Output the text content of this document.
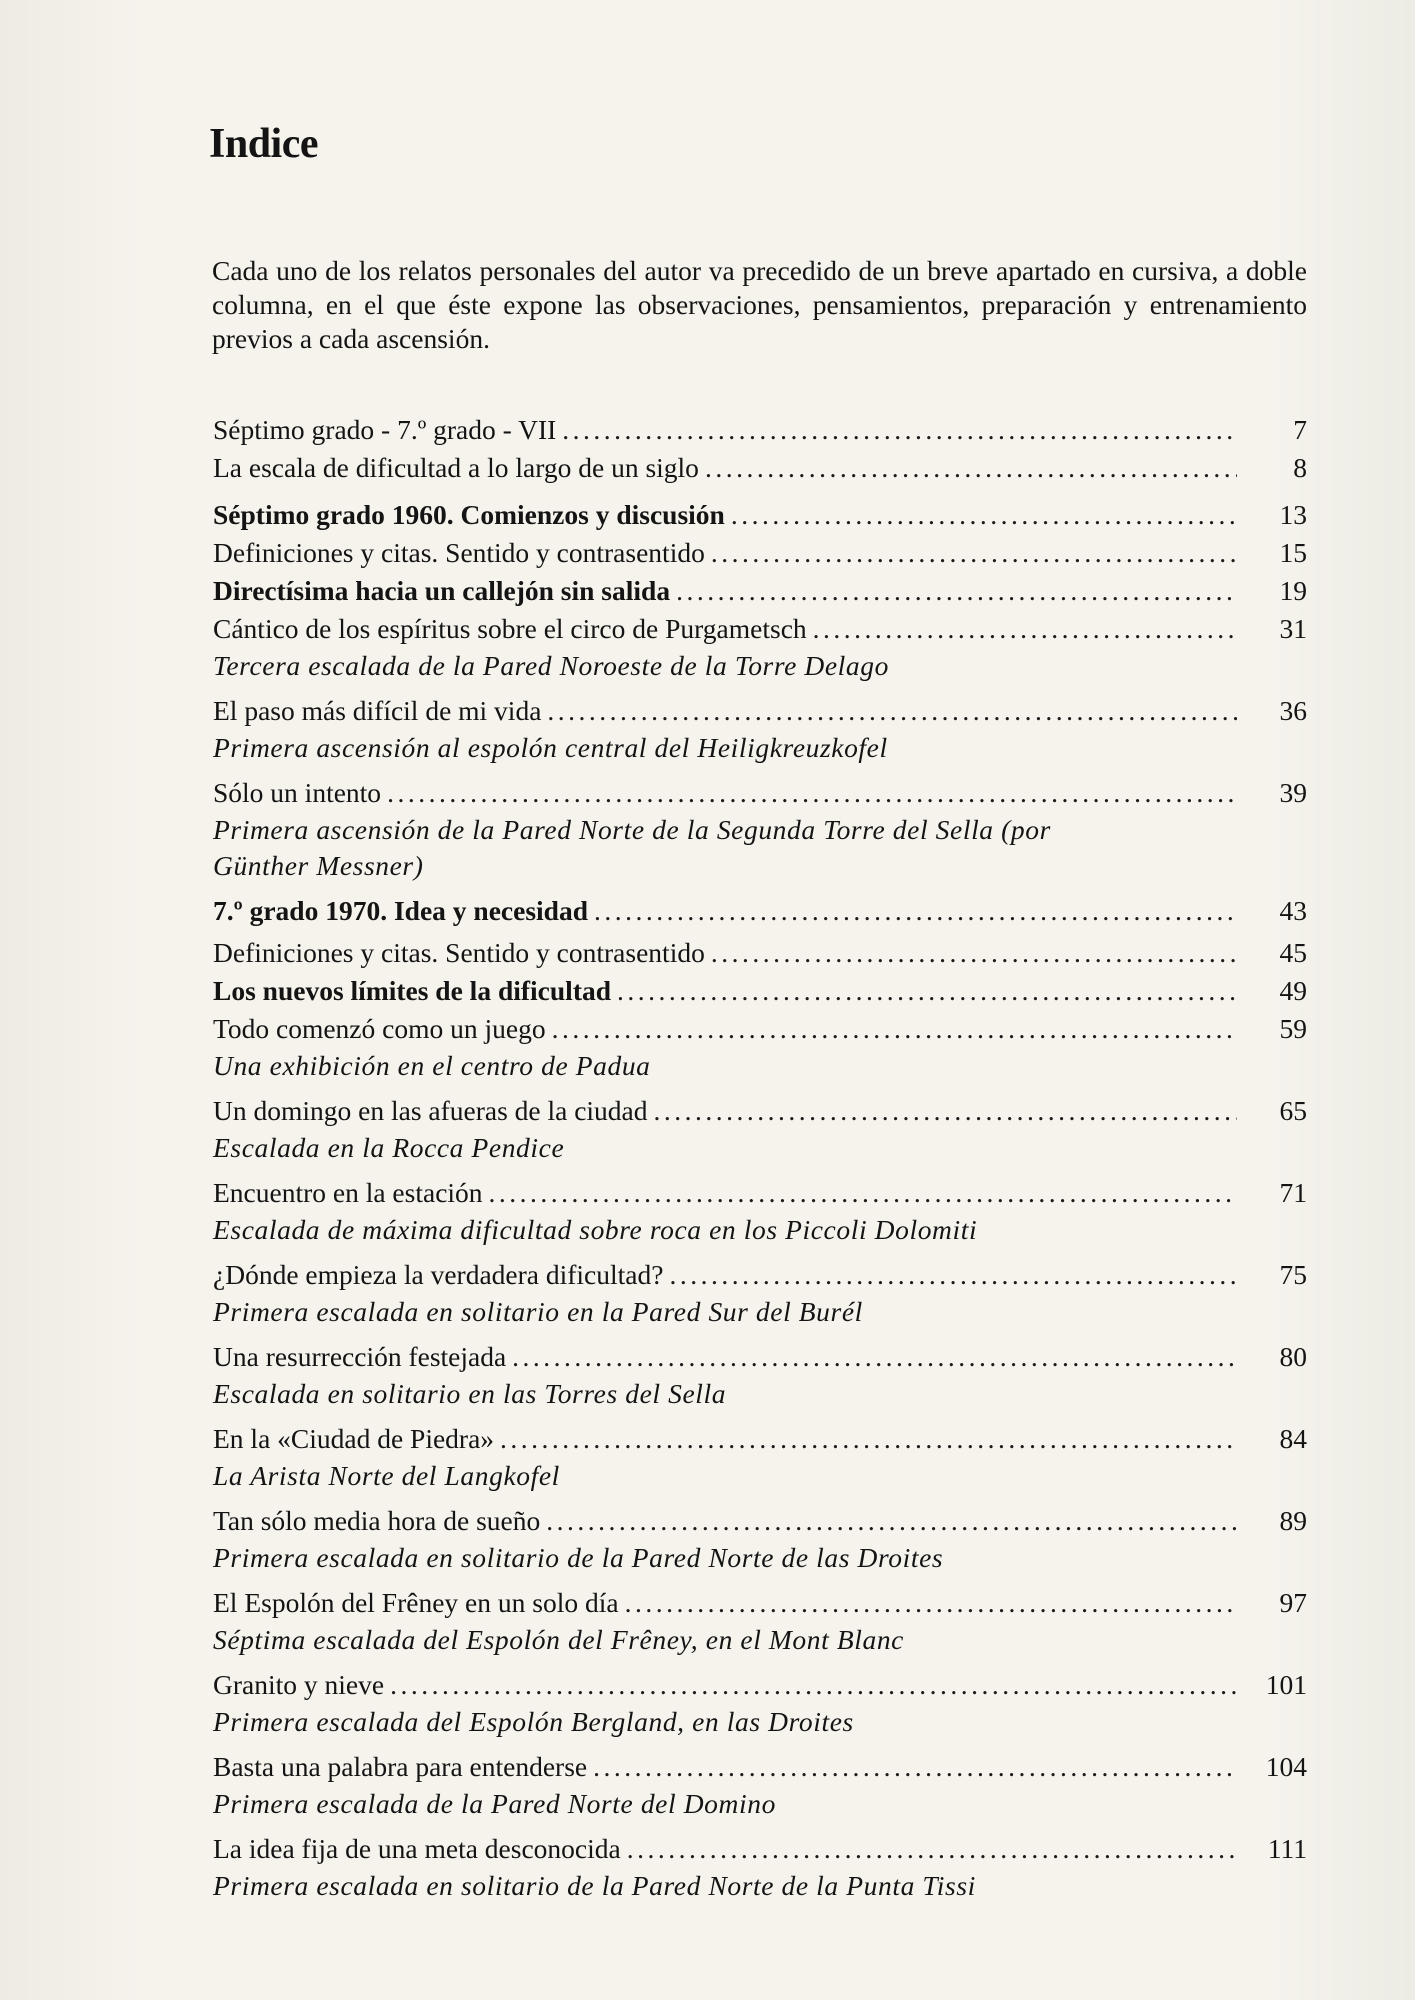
Indice
Cada uno de los relatos personales del autor va precedido de un breve apartado en cursiva, a doble columna, en el que éste expone las observaciones, pensamientos, preparación y entrenamiento previos a cada ascensión.
Séptimo grado - 7.º grado - VII .....	7
La escala de dificultad a lo largo de un siglo .....	8
Séptimo grado 1960. Comienzos y discusión .....	13
Definiciones y citas. Sentido y contrasentido .....	15
Directísima hacia un callejón sin salida .....	19
Cántico de los espíritus sobre el circo de Purgametsch .....	31
Tercera escalada de la Pared Noroeste de la Torre Delago
El paso más difícil de mi vida .....	36
Primera ascensión al espolón central del Heiligkreuzkofel
Sólo un intento .....	39
Primera ascensión de la Pared Norte de la Segunda Torre del Sella (por Günther Messner)
7.º grado 1970. Idea y necesidad .....	43
Definiciones y citas. Sentido y contrasentido .....	45
Los nuevos límites de la dificultad .....	49
Todo comenzó como un juego .....	59
Una exhibición en el centro de Padua
Un domingo en las afueras de la ciudad .....	65
Escalada en la Rocca Pendice
Encuentro en la estación .....	71
Escalada de máxima dificultad sobre roca en los Piccoli Dolomiti
¿Dónde empieza la verdadera dificultad? .....	75
Primera escalada en solitario en la Pared Sur del Burél
Una resurrección festejada .....	80
Escalada en solitario en las Torres del Sella
En la «Ciudad de Piedra» .....	84
La Arista Norte del Langkofel
Tan sólo media hora de sueño .....	89
Primera escalada en solitario de la Pared Norte de las Droites
El Espolón del Frêney en un solo día .....	97
Séptima escalada del Espolón del Frêney, en el Mont Blanc
Granito y nieve .....	101
Primera escalada del Espolón Bergland, en las Droites
Basta una palabra para entenderse .....	104
Primera escalada de la Pared Norte del Domino
La idea fija de una meta desconocida .....	111
Primera escalada en solitario de la Pared Norte de la Punta Tissi
